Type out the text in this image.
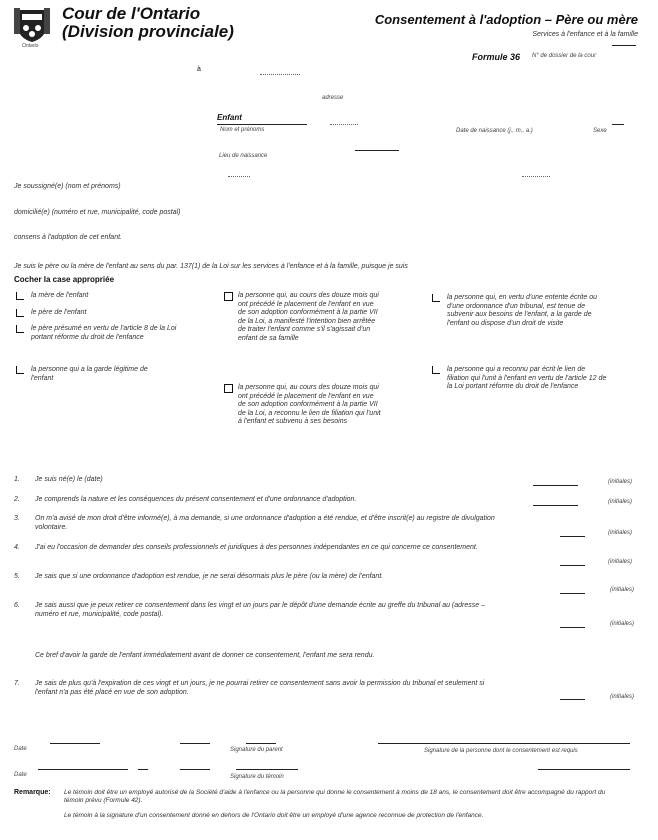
Ontario
Cour de l'Ontario
(Division provinciale)
Consentement à l'adoption – Père ou mère
Services à l'enfance et à la famille
Formule 36 N° de dossier de la cour
à
adresse
Enfant
Nom et prénoms	Date de naissance (j., m., a.)	Sexe
Lieu de naissance
Je soussigné(e) (nom et prénoms)
domicilié(e) (numéro et rue, municipalité, code postal)
consens à l'adoption de cet enfant.
Je suis le père ou la mère de l'enfant au sens du par. 137(1) de la Loi sur les services à l'enfance et à la famille, puisque je suis
Cocher la case appropriée
la mère de l'enfant
le père de l'enfant
le père présumé en vertu de l'article 8 de la Loi portant réforme du droit de l'enfance
la personne qui a la garde légitime de l'enfant
la personne qui, au cours des douze mois qui ont précédé le placement de l'enfant en vue de son adoption conformément à la partie VII de la Loi, a manifesté l'intention bien arrêtée de traiter l'enfant comme s'il s'agissait d'un enfant de sa famille
la personne qui, au cours des douze mois qui ont précédé le placement de l'enfant en vue de son adoption conformément à la partie VII de la Loi, a reconnu le lien de filiation qui l'unit à l'enfant et subvenu à ses besoins
la personne qui, en vertu d'une entente écrite ou d'une ordonnance d'un tribunal, est tenue de subvenir aux besoins de l'enfant, a la garde de l'enfant ou dispose d'un droit de visite
la personne qui a reconnu par écrit le lien de filiation qui l'unit à l'enfant en vertu de l'article 12 de la Loi portant réforme du droit de l'enfance
1. Je suis né(e) le (date)	(initiales)
2. Je comprends la nature et les conséquences du présent consentement et d'une ordonnance d'adoption.	(initiales)
3. On m'a avisé de mon droit d'être informé(e), à ma demande, si une ordonnance d'adoption a été rendue, et d'être inscrit(e) au registre de divulgation volontaire.
(initiales)
4. J'ai eu l'occasion de demander des conseils professionnels et juridiques à des personnes indépendantes en ce qui concerne ce consentement.
(initiales)
5. Je sais que si une ordonnance d'adoption est rendue, je ne serai désormais plus le père (ou la mère) de l'enfant.
(initiales)
6. Je sais aussi que je peux retirer ce consentement dans les vingt et un jours par le dépôt d'une demande écrite au greffe du tribunal au (adresse – numéro et rue, municipalité, code postal).
(initiales)
Ce bref d'avoir la garde de l'enfant immédiatement avant de donner ce consentement, l'enfant me sera rendu.
7. Je sais de plus qu'à l'expiration de ces vingt et un jours, je ne pourrai retirer ce consentement sans avoir la permission du tribunal et seulement si l'enfant n'a pas été placé en vue de son adoption.
(initiales)
Date	Signature du parent	Signature de la personne dont le consentement est requis
Date	Signature du témoin
Remarque: Le témoin doit être un employé autorisé de la Société d'aide à l'enfance ou la personne qui donne le consentement à moins de 18 ans, le consentement doit être accompagné du rapport du témoin prévu (Formule 42).
Le témoin à la signature d'un consentement donné en dehors de l'Ontario doit être un employé d'une agence reconnue de protection de l'enfance.
